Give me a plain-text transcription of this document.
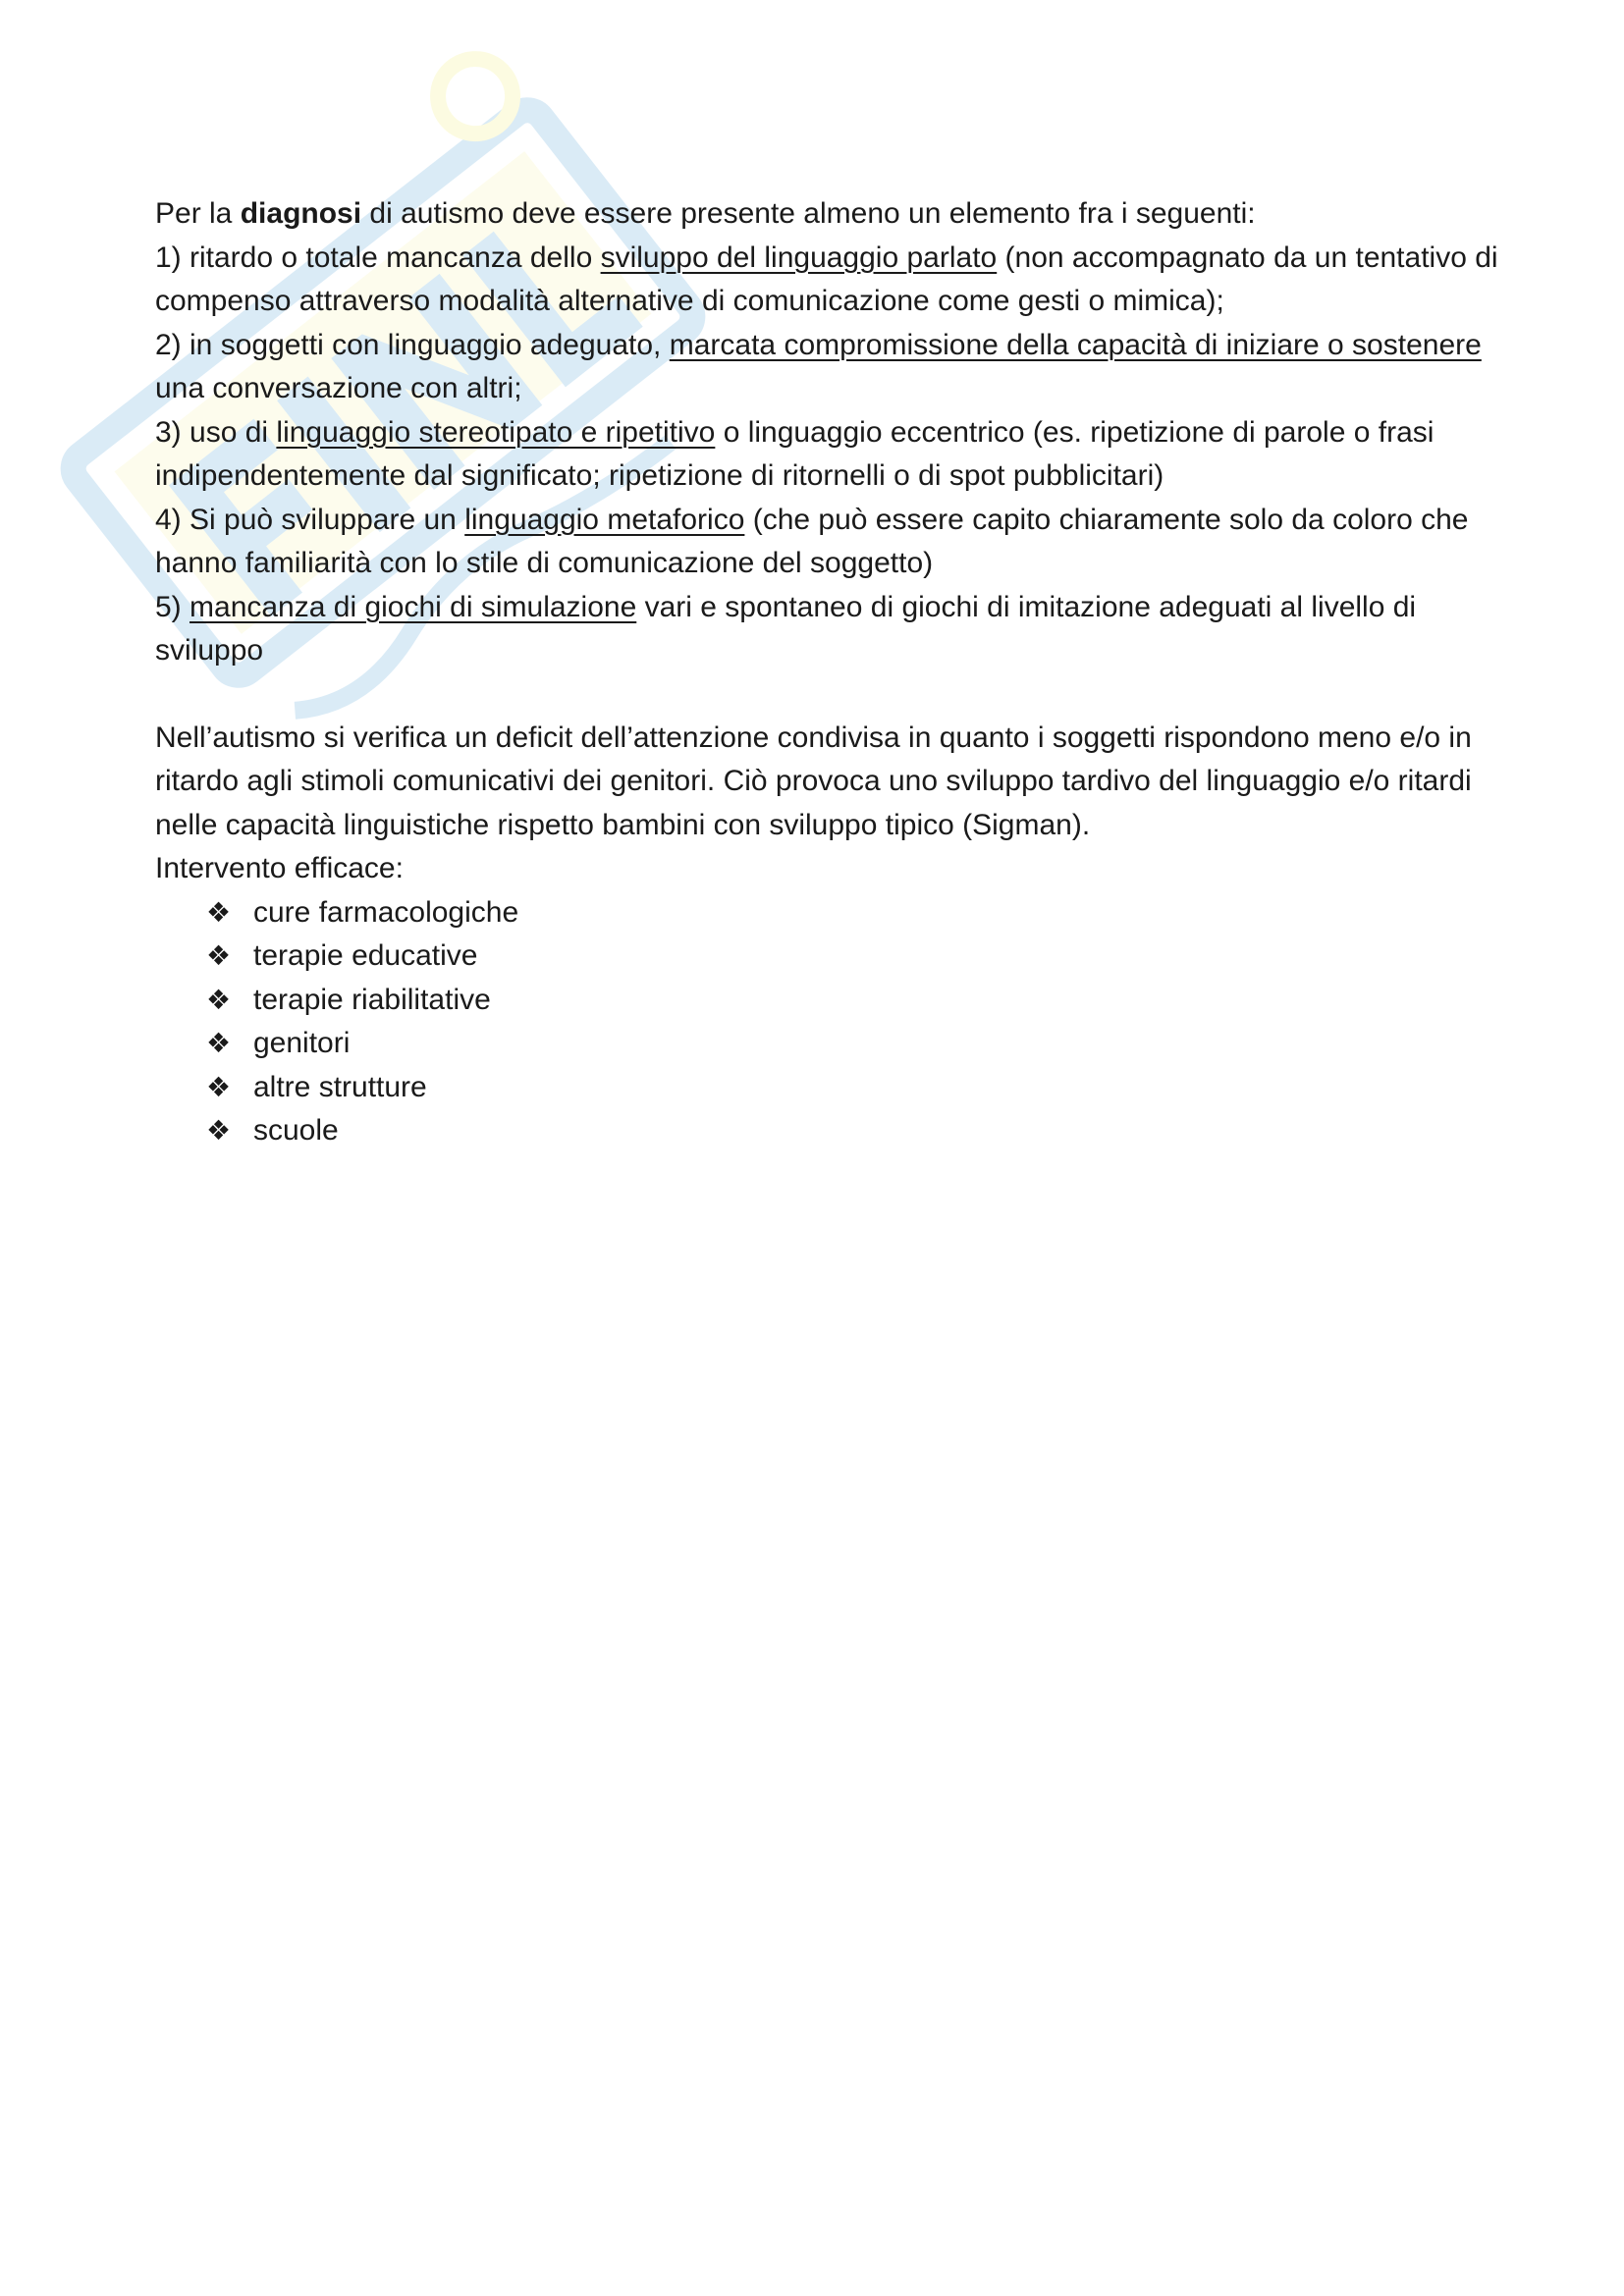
Per la diagnosi di autismo deve essere presente almeno un elemento fra i seguenti:

1) ritardo o totale mancanza dello sviluppo del linguaggio parlato (non accompagnato da un tentativo di compenso attraverso modalità alternative di comunicazione come gesti o mimica);

2) in soggetti con linguaggio adeguato, marcata compromissione della capacità di iniziare o sostenere una conversazione con altri;

3) uso di linguaggio stereotipato e ripetitivo o linguaggio eccentrico (es. ripetizione di parole o frasi indipendentemente dal significato; ripetizione di ritornelli o di spot pubblicitari)

4) Si può sviluppare un linguaggio metaforico (che può essere capito chiaramente solo da coloro che hanno familiarità con lo stile di comunicazione del soggetto)

5) mancanza di giochi di simulazione vari e spontaneo di giochi di imitazione adeguati al livello di sviluppo

Nell’autismo si verifica un deficit dell’attenzione condivisa in quanto i soggetti rispondono meno e/o in ritardo agli stimoli comunicativi dei genitori. Ciò provoca uno sviluppo tardivo del linguaggio e/o ritardi nelle capacità linguistiche rispetto bambini con sviluppo tipico (Sigman).

Intervento efficace:

❖ cure farmacologiche
❖ terapie educative
❖ terapie riabilitative
❖ genitori
❖ altre strutture
❖ scuole
